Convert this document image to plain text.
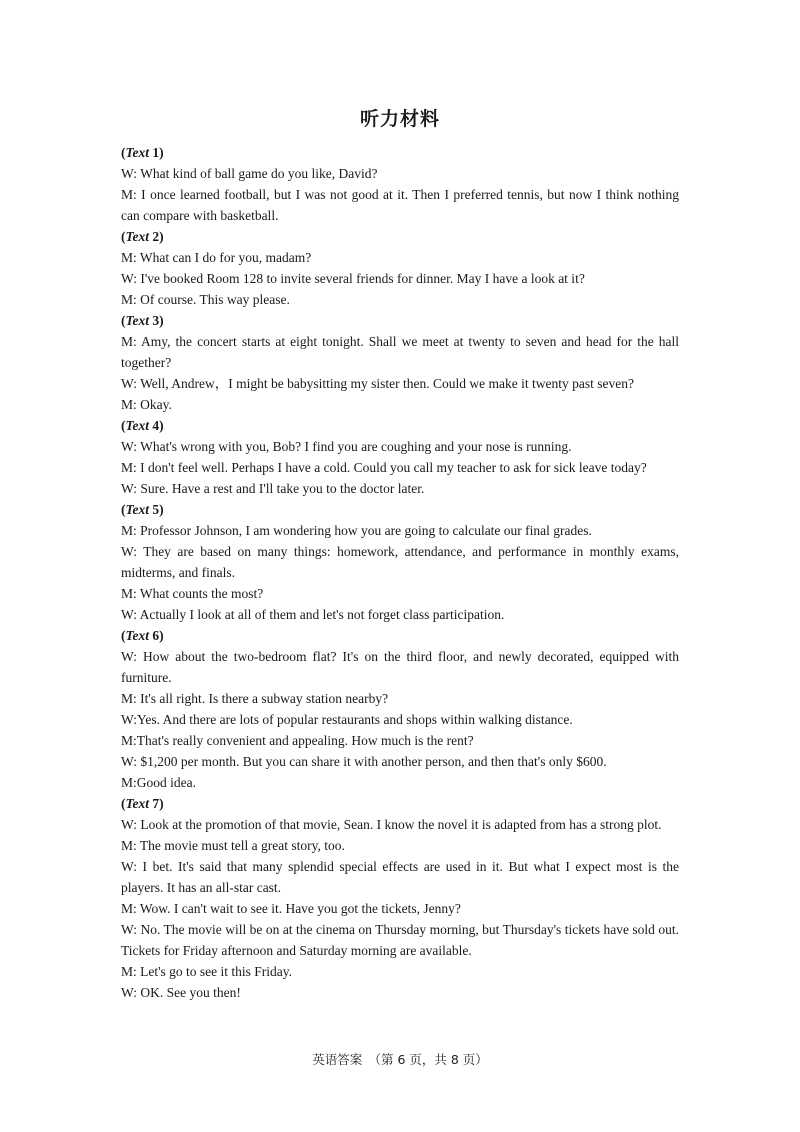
听力材料
(Text 1)

W: What kind of ball game do you like, David?

M: I once learned football, but I was not good at it. Then I preferred tennis, but now I think nothing can compare with basketball.

(Text 2)

M: What can I do for you, madam?

W: I've booked Room 128 to invite several friends for dinner. May I have a look at it?

M: Of course. This way please.

(Text 3)

M: Amy, the concert starts at eight tonight. Shall we meet at twenty to seven and head for the hall together?

W: Well, Andrew，I might be babysitting my sister then. Could we make it twenty past seven?

M: Okay.

(Text 4)

W: What's wrong with you, Bob? I find you are coughing and your nose is running.

M: I don't feel well. Perhaps I have a cold. Could you call my teacher to ask for sick leave today?

W: Sure. Have a rest and I'll take you to the doctor later.

(Text 5)

M: Professor Johnson, I am wondering how you are going to calculate our final grades.

W: They are based on many things: homework, attendance, and performance in monthly exams, midterms, and finals.

M: What counts the most?

W: Actually I look at all of them and let's not forget class participation.

(Text 6)

W: How about the two-bedroom flat? It's on the third floor, and newly decorated, equipped with furniture.

M: It's all right. Is there a subway station nearby?

W:Yes. And there are lots of popular restaurants and shops within walking distance.

M:That's really convenient and appealing. How much is the rent?

W: $1,200 per month. But you can share it with another person, and then that's only $600.

M:Good idea.

(Text 7)

W: Look at the promotion of that movie, Sean. I know the novel it is adapted from has a strong plot.

M: The movie must tell a great story, too.

W: I bet. It's said that many splendid special effects are used in it. But what I expect most is the players. It has an all-star cast.

M: Wow. I can't wait to see it. Have you got the tickets, Jenny?

W: No. The movie will be on at the cinema on Thursday morning, but Thursday's tickets have sold out. Tickets for Friday afternoon and Saturday morning are available.

M: Let's go to see it this Friday.

W: OK. See you then!

英语答案　（第 6 页，共 8 页）
